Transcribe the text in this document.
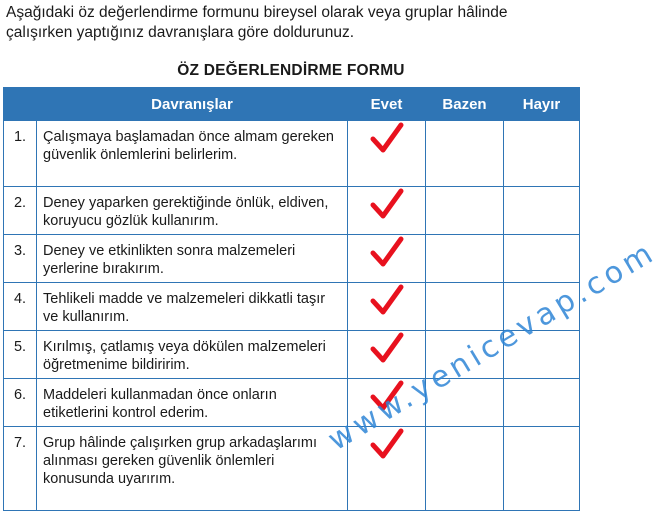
Aşağıdaki öz değerlendirme formunu bireysel olarak veya gruplar hâlinde çalışırken yaptığınız davranışlara göre doldurunuz.
ÖZ DEĞERLENDİRME FORMU
	Davranışlar	Evet	Bazen	Hayır
1.	Çalışmaya başlamadan önce almam gereken güvenlik önlemlerini belirlerim.			
2.	Deney yaparken gerektiğinde önlük, eldiven, koruyucu gözlük kullanırım.			
3.	Deney ve etkinlikten sonra malzemeleri yerlerine bırakırım.			
4.	Tehlikeli madde ve malzemeleri dikkatli taşır ve kullanırım.			
5.	Kırılmış, çatlamış veya dökülen malzemeleri öğretmenime bildiririm.			
6.	Maddeleri kullanmadan önce onların etiketlerini kontrol ederim.			
7.	Grup hâlinde çalışırken grup arkadaşlarımı alınması gereken güvenlik önlemleri konusunda uyarırım.			
www.yenicevap.com
